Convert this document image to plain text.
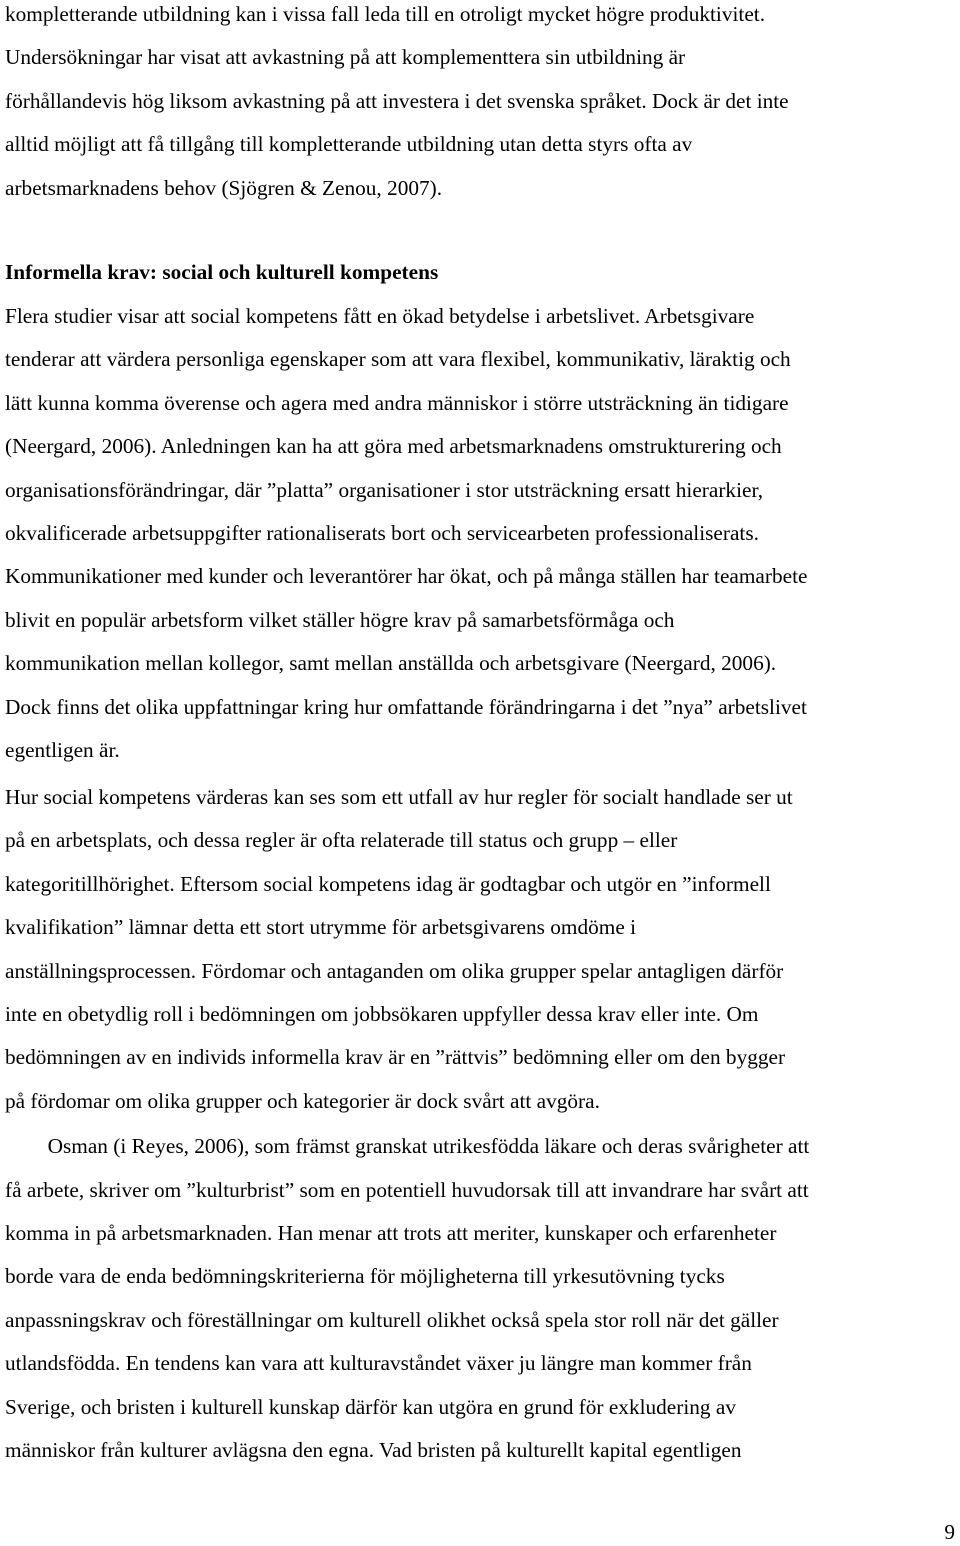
kompletterande utbildning kan i vissa fall leda till en otroligt mycket högre produktivitet.
Undersökningar har visat att avkastning på att komplementtera sin utbildning är
förhållandevis hög liksom avkastning på att investera i det svenska språket. Dock är det inte
alltid möjligt att få tillgång till kompletterande utbildning utan detta styrs ofta av
arbetsmarknadens behov (Sjögren & Zenou, 2007).
Informella krav: social och kulturell kompetens
Flera studier visar att social kompetens fått en ökad betydelse i arbetslivet. Arbetsgivare
tenderar att värdera personliga egenskaper som att vara flexibel, kommunikativ, läraktig och
lätt kunna komma överense och agera med andra människor i större utsträckning än tidigare
(Neergard, 2006). Anledningen kan ha att göra med arbetsmarknadens omstrukturering och
organisationsförändringar, där ”platta” organisationer i stor utsträckning ersatt hierarkier,
okvalificerade arbetsuppgifter rationaliserats bort och servicearbeten professionaliserats.
Kommunikationer med kunder och leverantörer har ökat, och på många ställen har teamarbete
blivit en populär arbetsform vilket ställer högre krav på samarbetsförmåga och
kommunikation mellan kollegor, samt mellan anställda och arbetsgivare (Neergard, 2006).
Dock finns det olika uppfattningar kring hur omfattande förändringarna i det ”nya” arbetslivet
egentligen är.
Hur social kompetens värderas kan ses som ett utfall av hur regler för socialt handlade ser ut
på en arbetsplats, och dessa regler är ofta relaterade till status och grupp – eller
kategoritillhörighet. Eftersom social kompetens idag är godtagbar och utgör en ”informell
kvalifikation” lämnar detta ett stort utrymme för arbetsgivarens omdöme i
anställningsprocessen. Fördomar och antaganden om olika grupper spelar antagligen därför
inte en obetydlig roll i bedömningen om jobbsökaren uppfyller dessa krav eller inte. Om
bedömningen av en individs informella krav är en ”rättvis” bedömning eller om den bygger
på fördomar om olika grupper och kategorier är dock svårt att avgöra.
Osman (i Reyes, 2006), som främst granskat utrikesfödda läkare och deras svårigheter att
få arbete, skriver om ”kulturbrist” som en potentiell huvudorsak till att invandrare har svårt att
komma in på arbetsmarknaden. Han menar att trots att meriter, kunskaper och erfarenheter
borde vara de enda bedömningskriterierna för möjligheterna till yrkesutövning tycks
anpassningskrav och föreställningar om kulturell olikhet också spela stor roll när det gäller
utlandsfödda. En tendens kan vara att kulturavståndet växer ju längre man kommer från
Sverige, och bristen i kulturell kunskap därför kan utgöra en grund för exkludering av
människor från kulturer avlägsna den egna. Vad bristen på kulturellt kapital egentligen
9
